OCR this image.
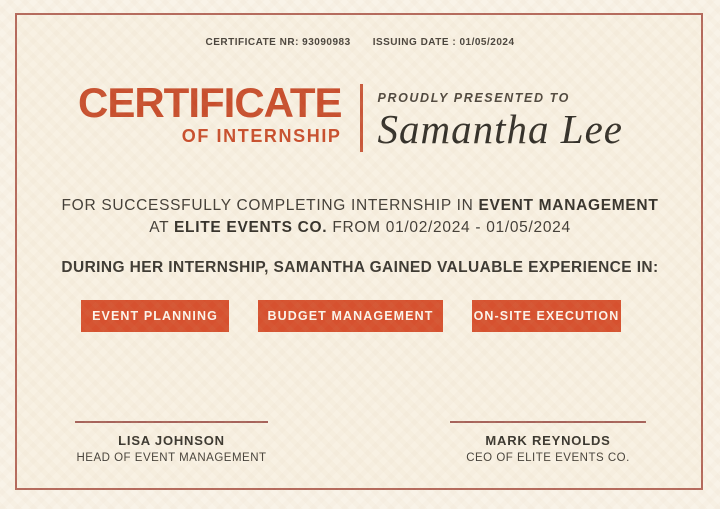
CERTIFICATE NR: 93090983 ISSUING DATE : 01/05/2024
CERTIFICATE
OF INTERNSHIP
PROUDLY PRESENTED TO
Samantha Lee
FOR SUCCESSFULLY COMPLETING INTERNSHIP IN EVENT MANAGEMENT
AT ELITE EVENTS CO. FROM 01/02/2024 - 01/05/2024
DURING HER INTERNSHIP, SAMANTHA GAINED VALUABLE EXPERIENCE IN:
EVENT PLANNING	BUDGET MANAGEMENT	ON-SITE EXECUTION
LISA JOHNSON
HEAD OF EVENT MANAGEMENT
MARK REYNOLDS
CEO OF ELITE EVENTS CO.
